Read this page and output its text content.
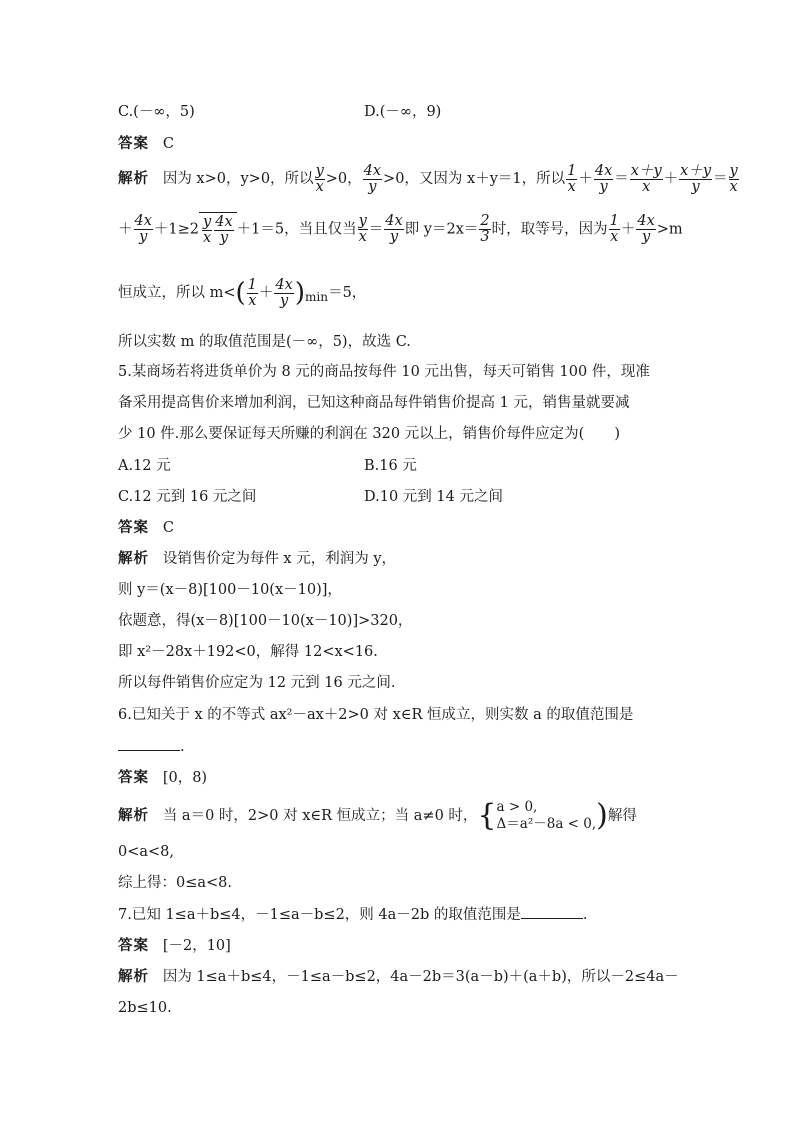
C.(－∞，5)	D.(－∞，9)
答案 C
解析 因为 x>0，y>0，所以 $\frac{y}{x} >0$， $\frac{4x}{y} >0$，又因为 x＋y＝1，所以 $\frac{1}{x} + \frac{4x}{y} = \frac{x+y}{x} + \frac{x+y}{y} = \frac{y}{x}$
＋ $\frac{4x}{y} +1\ge 2 \frac{y}{x} \frac{4x}{y} +1=5$，当且仅当 $\frac{y}{x} = \frac{4x}{y}$ 即 $y=2x= \frac{2}{3}$ 时，取等号，因为 $\frac{1}{x} + \frac{4x}{y} >m$
恒成立，所以 $m<( \frac{1}{x} + \frac{4x}{y} )_{min}=5$，
所以实数 m 的取值范围是(－∞，5)，故选 C.
5.某商场若将进货单价为 8 元的商品按每件 10 元出售，每天可销售 100 件，现准
备采用提高售价来增加利润，已知这种商品每件销售价提高 1 元，销售量就要减
少 10 件.那么要保证每天所赚的利润在 320 元以上，销售价每件应定为( )
A.12 元	B.16 元
C.12 元到 16 元之间	D.10 元到 14 元之间
答案 C
解析 设销售价定为每件 x 元，利润为 y，
则 y＝(x－8)[100－10(x－10)]，
依题意，得(x－8)[100－10(x－10)]>320，
即 x²－28x＋192<0，解得 12<x<16.
所以每件销售价应定为 12 元到 16 元之间.
6.已知关于 x 的不等式 ax²－ax＋2>0 对 x∈R 恒成立，则实数 a 的取值范围是
.
答案 [0，8)
解析 当 a＝0 时，2>0 对 x∈R 恒成立；当 a≠0 时，{ a > 0,
Δ＝a²－8a < 0, )解得
0<a<8,
综上得：0≤a<8.
7.已知 1≤a＋b≤4，－1≤a－b≤2，则 4a－2b 的取值范围是	.
答案 [－2，10]
解析 因为 1≤a＋b≤4，－1≤a－b≤2，4a－2b＝3(a－b)＋(a＋b)，所以－2≤4a－
2b≤10.
